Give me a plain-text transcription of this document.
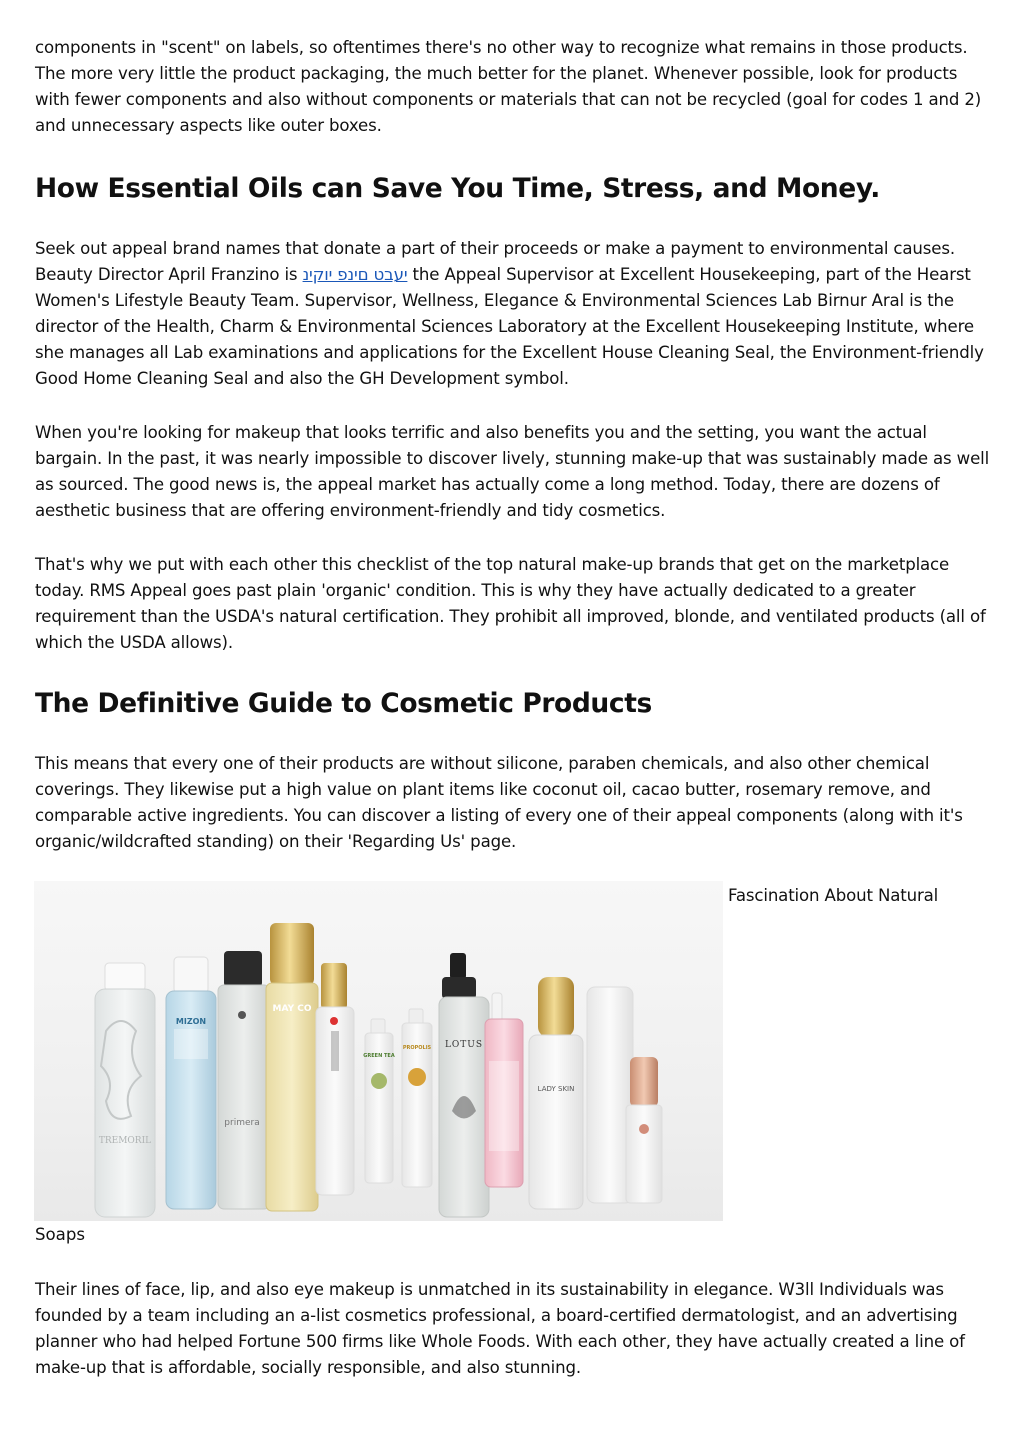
components in "scent" on labels, so oftentimes there's no other way to recognize what remains in those products. The more very little the product packaging, the much better for the planet. Whenever possible, look for products with fewer components and also without components or materials that can not be recycled (goal for codes 1 and 2) and unnecessary aspects like outer boxes.

How Essential Oils can Save You Time, Stress, and Money.

Seek out appeal brand names that donate a part of their proceeds or make a payment to environmental causes. Beauty Director April Franzino is יעבט םינפ יוקינ the Appeal Supervisor at Excellent Housekeeping, part of the Hearst Women's Lifestyle Beauty Team. Supervisor, Wellness, Elegance & Environmental Sciences Lab Birnur Aral is the director of the Health, Charm & Environmental Sciences Laboratory at the Excellent Housekeeping Institute, where she manages all Lab examinations and applications for the Excellent House Cleaning Seal, the Environment-friendly Good Home Cleaning Seal and also the GH Development symbol.

When you're looking for makeup that looks terrific and also benefits you and the setting, you want the actual bargain. In the past, it was nearly impossible to discover lively, stunning make-up that was sustainably made as well as sourced. The good news is, the appeal market has actually come a long method. Today, there are dozens of aesthetic business that are offering environment-friendly and tidy cosmetics.

That's why we put with each other this checklist of the top natural make-up brands that get on the marketplace today. RMS Appeal goes past plain 'organic' condition. This is why they have actually dedicated to a greater requirement than the USDA's natural certification. They prohibit all improved, blonde, and ventilated products (all of which the USDA allows).

The Definitive Guide to Cosmetic Products

This means that every one of their products are without silicone, paraben chemicals, and also other chemical coverings. They likewise put a high value on plant items like coconut oil, cacao butter, rosemary remove, and comparable active ingredients. You can discover a listing of every one of their appeal components (along with it's organic/wildcrafted standing) on their 'Regarding Us' page.

TREMORIL
MIZON
primera
MAY CO
GREEN TEA
PROPOLIS LOTUS
LADY SKIN
Fascination About Natural
Soaps

Their lines of face, lip, and also eye makeup is unmatched in its sustainability in elegance. W3ll Individuals was founded by a team including an a-list cosmetics professional, a board-certified dermatologist, and an advertising planner who had helped Fortune 500 firms like Whole Foods. With each other, they have actually created a line of make-up that is affordable, socially responsible, and also stunning.
